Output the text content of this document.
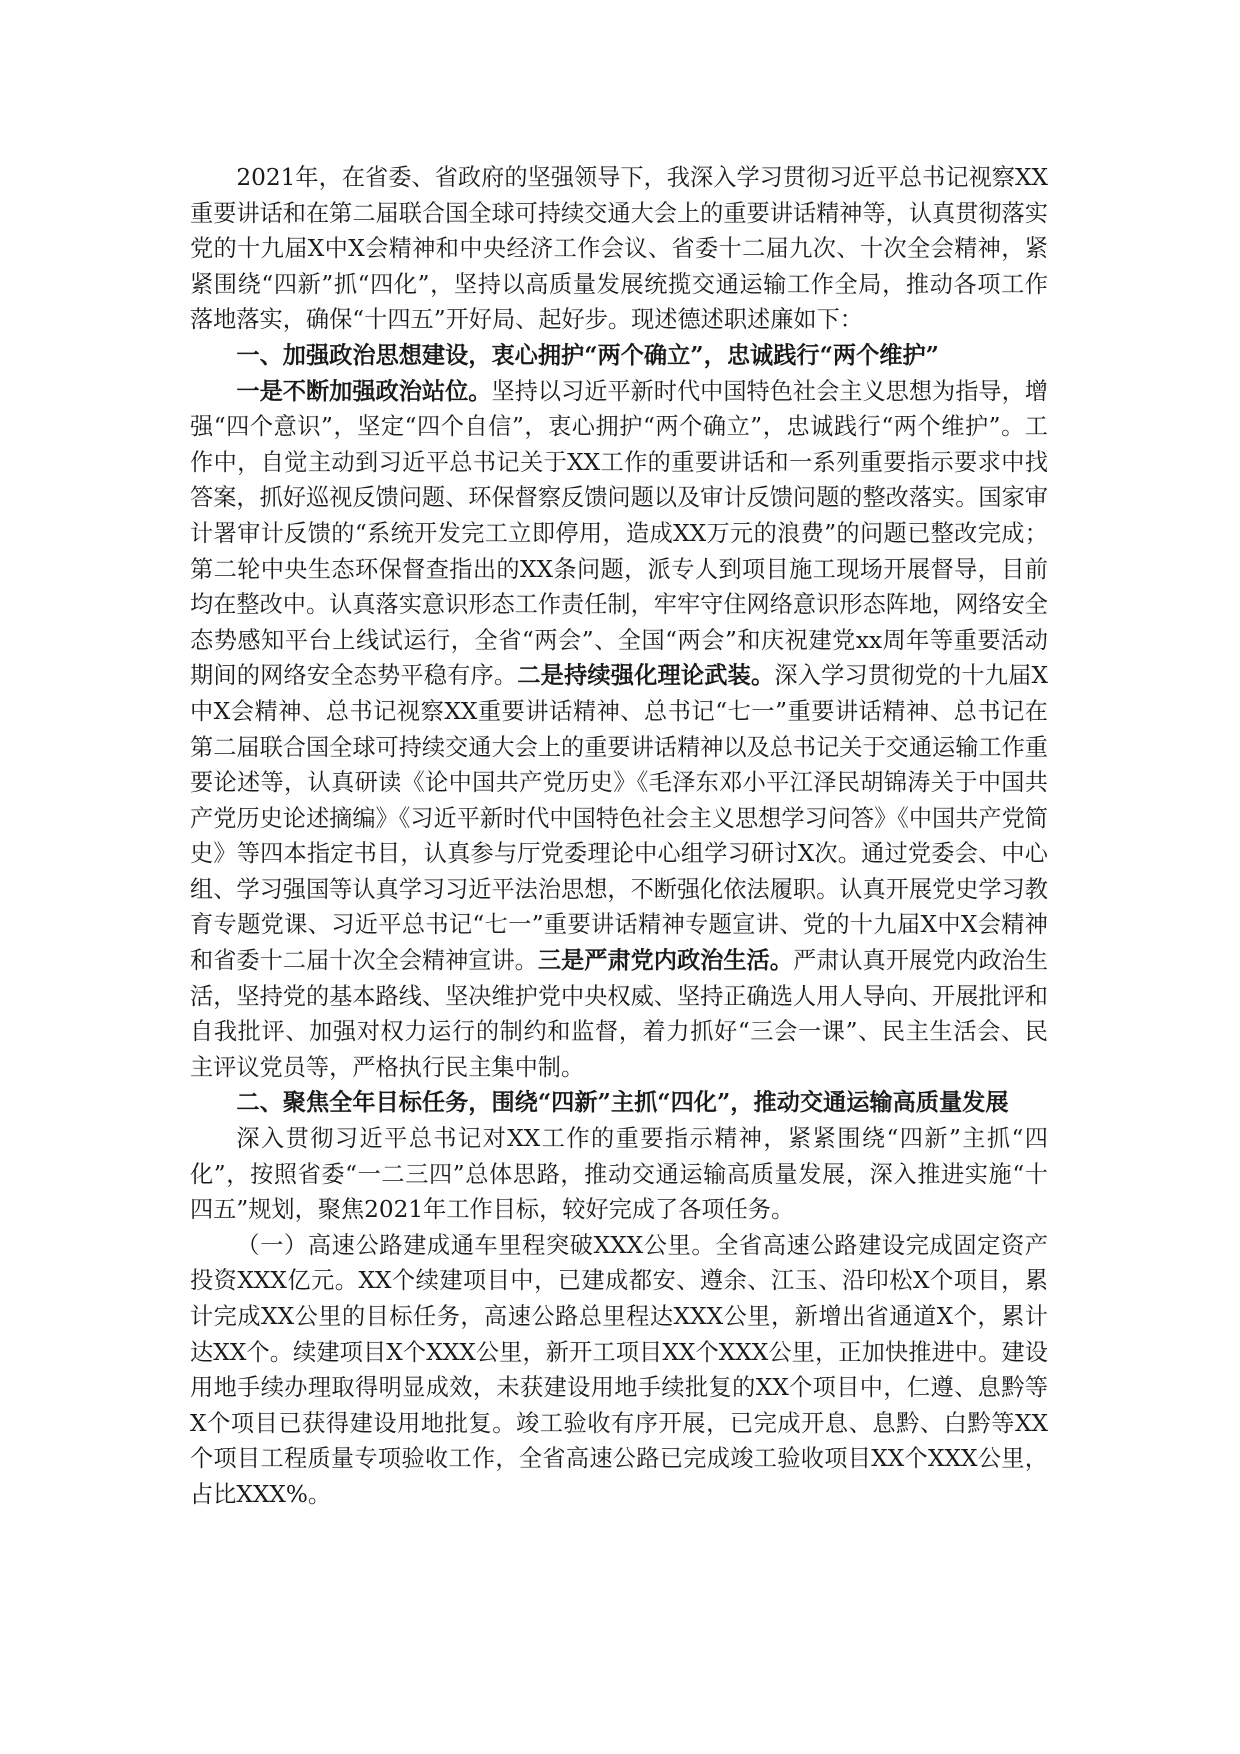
2021年，在省委、省政府的坚强领导下，我深入学习贯彻习近平总书记视察XX重要讲话和在第二届联合国全球可持续交通大会上的重要讲话精神等，认真贯彻落实党的十九届X中X会精神和中央经济工作会议、省委十二届九次、十次全会精神，紧紧围绕“四新”抓“四化”，坚持以高质量发展统揽交通运输工作全局，推动各项工作落地落实，确保“十四五”开好局、起好步。现述德述职述廉如下：

一、加强政治思想建设，衷心拥护“两个确立”，忠诚践行“两个维护”

一是不断加强政治站位。坚持以习近平新时代中国特色社会主义思想为指导，增强“四个意识”，坚定“四个自信”，衷心拥护“两个确立”，忠诚践行“两个维护”。工作中，自觉主动到习近平总书记关于XX工作的重要讲话和一系列重要指示要求中找答案，抓好巡视反馈问题、环保督察反馈问题以及审计反馈问题的整改落实。国家审计署审计反馈的“系统开发完工立即停用，造成XX万元的浪费”的问题已整改完成；第二轮中央生态环保督查指出的XX条问题，派专人到项目施工现场开展督导，目前均在整改中。认真落实意识形态工作责任制，牢牢守住网络意识形态阵地，网络安全态势感知平台上线试运行，全省“两会”、全国“两会”和庆祝建党xx周年等重要活动期间的网络安全态势平稳有序。二是持续强化理论武装。深入学习贯彻党的十九届X中X会精神、总书记视察XX重要讲话精神、总书记“七一”重要讲话精神、总书记在第二届联合国全球可持续交通大会上的重要讲话精神以及总书记关于交通运输工作重要论述等，认真研读《论中国共产党历史》《毛泽东邓小平江泽民胡锦涛关于中国共产党历史论述摘编》《习近平新时代中国特色社会主义思想学习问答》《中国共产党简史》等四本指定书目，认真参与厅党委理论中心组学习研讨X次。通过党委会、中心组、学习强国等认真学习习近平法治思想，不断强化依法履职。认真开展党史学习教育专题党课、习近平总书记“七一”重要讲话精神专题宣讲、党的十九届X中X会精神和省委十二届十次全会精神宣讲。三是严肃党内政治生活。严肃认真开展党内政治生活，坚持党的基本路线、坚决维护党中央权威、坚持正确选人用人导向、开展批评和自我批评、加强对权力运行的制约和监督，着力抓好“三会一课”、民主生活会、民主评议党员等，严格执行民主集中制。

二、聚焦全年目标任务，围绕“四新”主抓“四化”，推动交通运输高质量发展

深入贯彻习近平总书记对XX工作的重要指示精神，紧紧围绕“四新”主抓“四化”，按照省委“一二三四”总体思路，推动交通运输高质量发展，深入推进实施“十四五”规划，聚焦2021年工作目标，较好完成了各项任务。

（一）高速公路建成通车里程突破XXX公里。全省高速公路建设完成固定资产投资XXX亿元。XX个续建项目中，已建成都安、遵余、江玉、沿印松X个项目，累计完成XX公里的目标任务，高速公路总里程达XXX公里，新增出省通道X个，累计达XX个。续建项目X个XXX公里，新开工项目XX个XXX公里，正加快推进中。建设用地手续办理取得明显成效，未获建设用地手续批复的XX个项目中，仁遵、息黔等X个项目已获得建设用地批复。竣工验收有序开展，已完成开息、息黔、白黔等XX个项目工程质量专项验收工作，全省高速公路已完成竣工验收项目XX个XXX公里，占比XXX%。
